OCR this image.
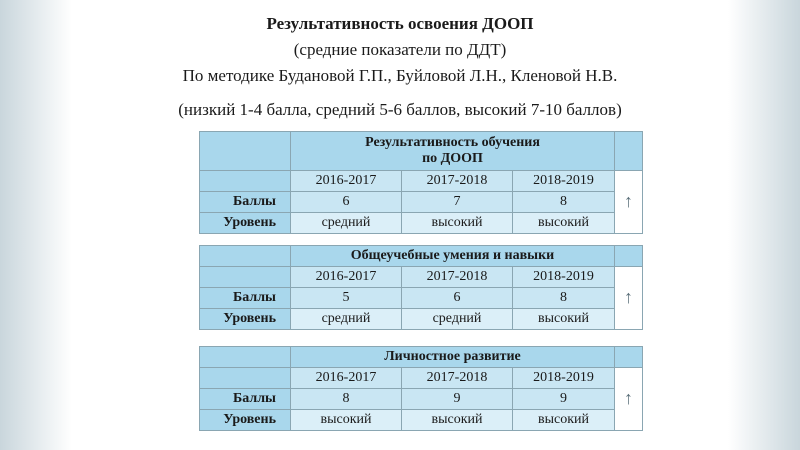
Результативность освоения ДООП
(средние показатели по ДДТ)
По методике Будановой Г.П., Буйловой Л.Н., Кленовой Н.В.
(низкий 1-4 балла, средний 5-6 баллов, высокий 7-10 баллов)

	Результативность обучения
по ДООП			

	2016-2017	2017-2018	2018-2019	↑
Баллы	6	7	8	
Уровень	средний	высокий	высокий	
	Общеучебные умения и навыки			
	2016-2017	2017-2018	2018-2019	↑
Баллы	5	6	8	
Уровень	средний	средний	высокий	
	Личностное развитие			
	2016-2017	2017-2018	2018-2019	↑
Баллы	8	9	9	
Уровень	высокий	высокий	высокий	
